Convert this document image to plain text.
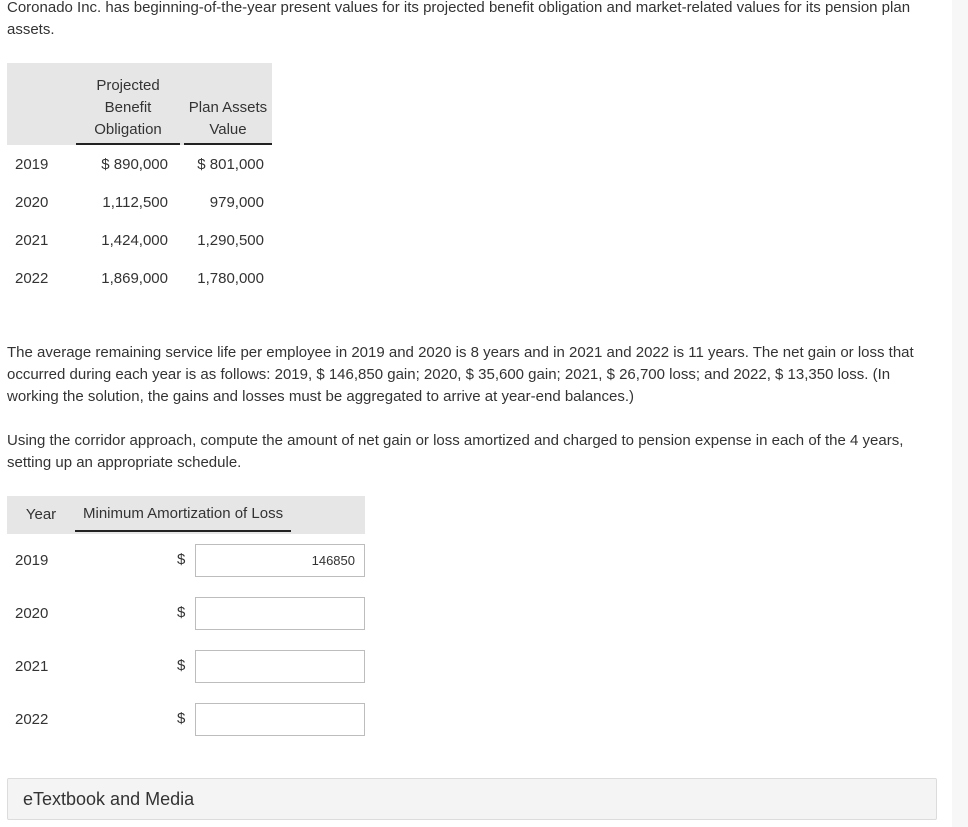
Coronado Inc. has beginning-of-the-year present values for its projected benefit obligation and market-related values for its pension plan assets.

	Projected Benefit Obligation	Plan Assets Value

2019	$ 890,000	$ 801,000
2020	1,112,500	979,000
2021	1,424,000	1,290,500
2022	1,869,000	1,780,000

The average remaining service life per employee in 2019 and 2020 is 8 years and in 2021 and 2022 is 11 years. The net gain or loss that occurred during each year is as follows: 2019, $ 146,850 gain; 2020, $ 35,600 gain; 2021, $ 26,700 loss; and 2022, $ 13,350 loss. (In working the solution, the gains and losses must be aggregated to arrive at year-end balances.)

Using the corridor approach, compute the amount of net gain or loss amortized and charged to pension expense in each of the 4 years, setting up an appropriate schedule.

Year	Minimum Amortization of Loss
2019	$146850
2020	$
2021	$
2022	$
eTextbook and Media
